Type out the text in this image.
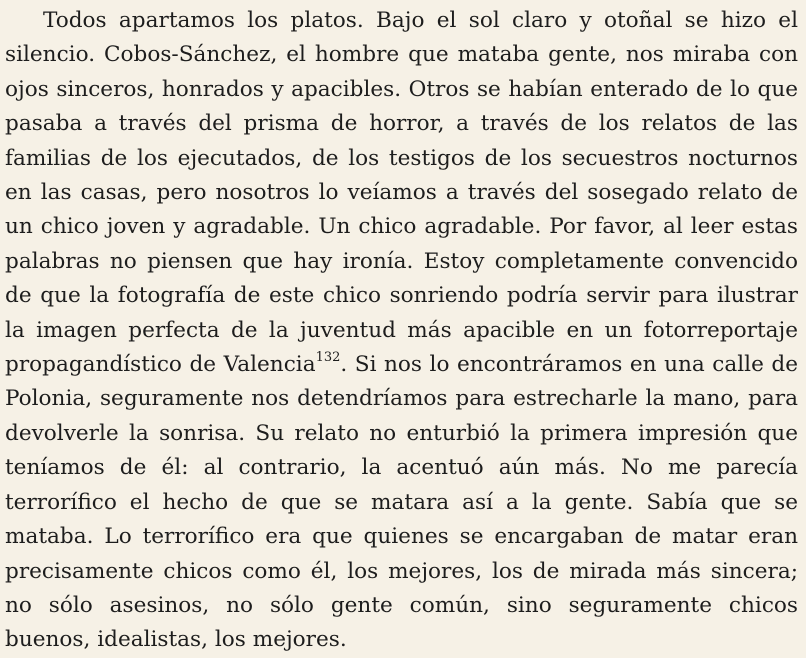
Todos apartamos los platos. Bajo el sol claro y otoñal se hizo el silencio. Cobos-Sánchez, el hombre que mataba gente, nos miraba con ojos sinceros, honrados y apacibles. Otros se habían enterado de lo que pasaba a través del prisma de horror, a través de los relatos de las familias de los ejecutados, de los testigos de los secuestros nocturnos en las casas, pero nosotros lo veíamos a través del sosegado relato de un chico joven y agradable. Un chico agradable. Por favor, al leer estas palabras no piensen que hay ironía. Estoy completamente convencido de que la fotografía de este chico sonriendo podría servir para ilustrar la imagen perfecta de la juventud más apacible en un fotorreportaje propagandístico de Valencia$^{132}$. Si nos lo encontráramos en una calle de Polonia, seguramente nos detendríamos para estrecharle la mano, para devolverle la sonrisa. Su relato no enturbió la primera impresión que teníamos de él: al contrario, la acentuó aún más. No me parecía terrorífico el hecho de que se matara así a la gente. Sabía que se mataba. Lo terrorífico era que quienes se encargaban de matar eran precisamente chicos como él, los mejores, los de mirada más sincera; no sólo asesinos, no sólo gente común, sino seguramente chicos buenos, idealistas, los mejores.
